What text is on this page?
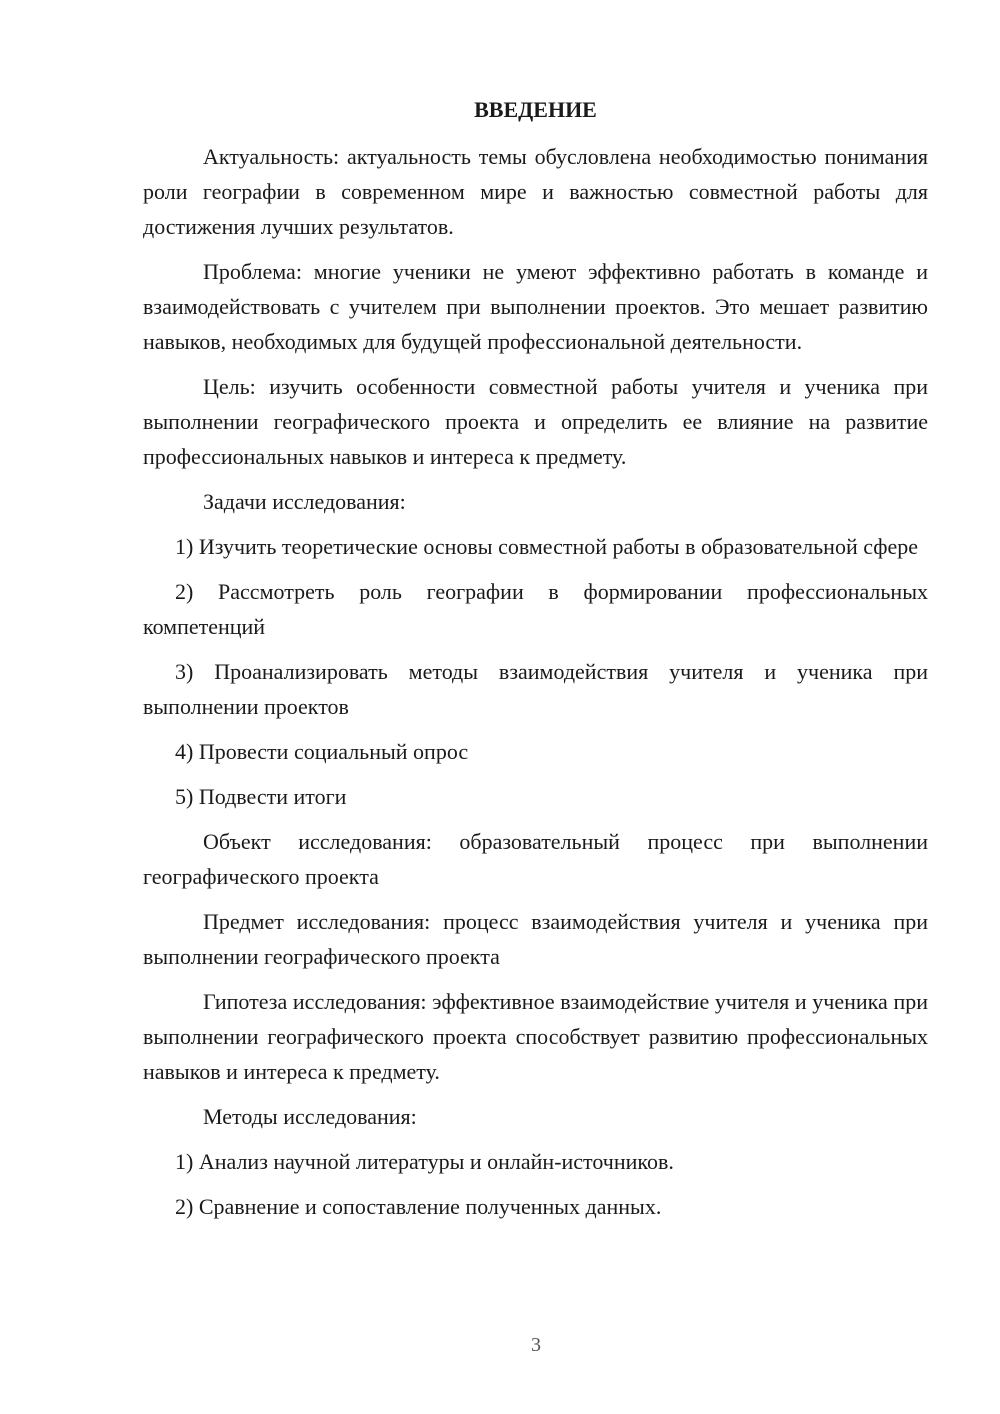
ВВЕДЕНИЕ

Актуальность: актуальность темы обусловлена необходимостью понимания роли географии в современном мире и важностью совместной работы для достижения лучших результатов.

Проблема: многие ученики не умеют эффективно работать в команде и взаимодействовать с учителем при выполнении проектов. Это мешает развитию навыков, необходимых для будущей профессиональной деятельности.

Цель: изучить особенности совместной работы учителя и ученика при выполнении географического проекта и определить ее влияние на развитие профессиональных навыков и интереса к предмету.

Задачи исследования:

1) Изучить теоретические основы совместной работы в образовательной сфере

2) Рассмотреть роль географии в формировании профессиональных компетенций

3) Проанализировать методы взаимодействия учителя и ученика при выполнении проектов

4) Провести социальный опрос

5) Подвести итоги

Объект исследования: образовательный процесс при выполнении географического проекта

Предмет исследования: процесс взаимодействия учителя и ученика при выполнении географического проекта

Гипотеза исследования: эффективное взаимодействие учителя и ученика при выполнении географического проекта способствует развитию профессиональных навыков и интереса к предмету.

Методы исследования:

1) Анализ научной литературы и онлайн-источников.

2) Сравнение и сопоставление полученных данных.

3
